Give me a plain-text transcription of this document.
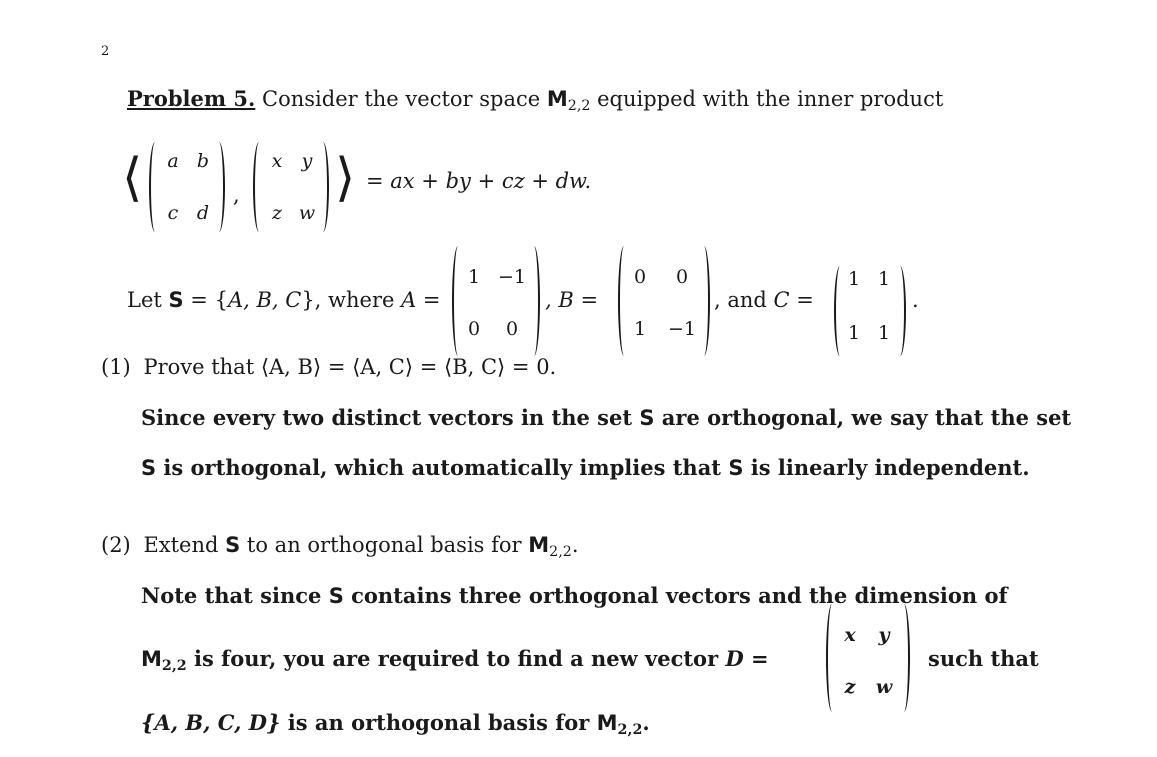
2
Problem 5. Consider the vector space $M_{2,2}$ equipped with the inner product
⟨	a b
c d
,
x	y
z w
⟩ = ax + by + cz + dw.
Let S = {A, B, C}, where A =
1 −1
0	0
, B =
0	0
1	−1
, and C =
1 1
1 1
.
(1) Prove that ⟨A, B⟩ = ⟨A, C⟩ = ⟨B, C⟩ = 0.
Since every two distinct vectors in the set S are orthogonal, we say that the set
S is orthogonal, which automatically implies that S is linearly independent.
(2) Extend S to an orthogonal basis for $M_{2,2}$.
Note that since S contains three orthogonal vectors and the dimension of
$M_{2,2}$ is four, you are required to find a new vector D =
x	y
z	w
such that
{A, B, C, D} is an orthogonal basis for $M_{2,2}$.
